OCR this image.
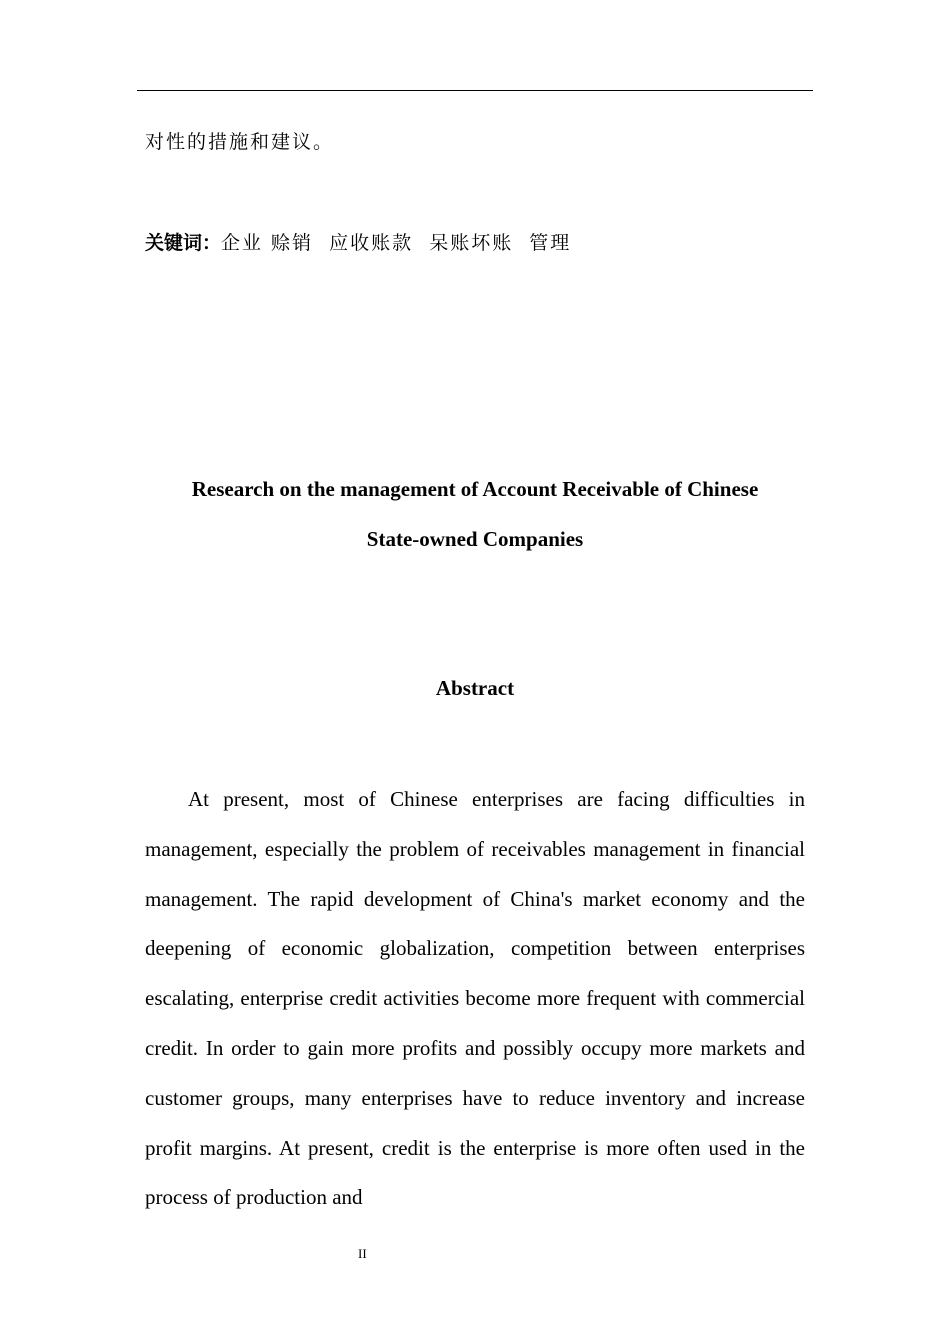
对性的措施和建议。
关键词：企业 赊销  应收账款  呆账坏账  管理
Research on the management of Account Receivable of Chinese
State-owned Companies
Abstract

At present, most of Chinese enterprises are facing difficulties in management, especially the problem of receivables management in financial management. The rapid development of China's market economy and the deepening of economic globalization, competition between enterprises escalating, enterprise credit activities become more frequent with commercial credit. In order to gain more profits and possibly occupy more markets and customer groups, many enterprises have to reduce inventory and increase profit margins. At present, credit is the enterprise is more often used in the process of production and

II
